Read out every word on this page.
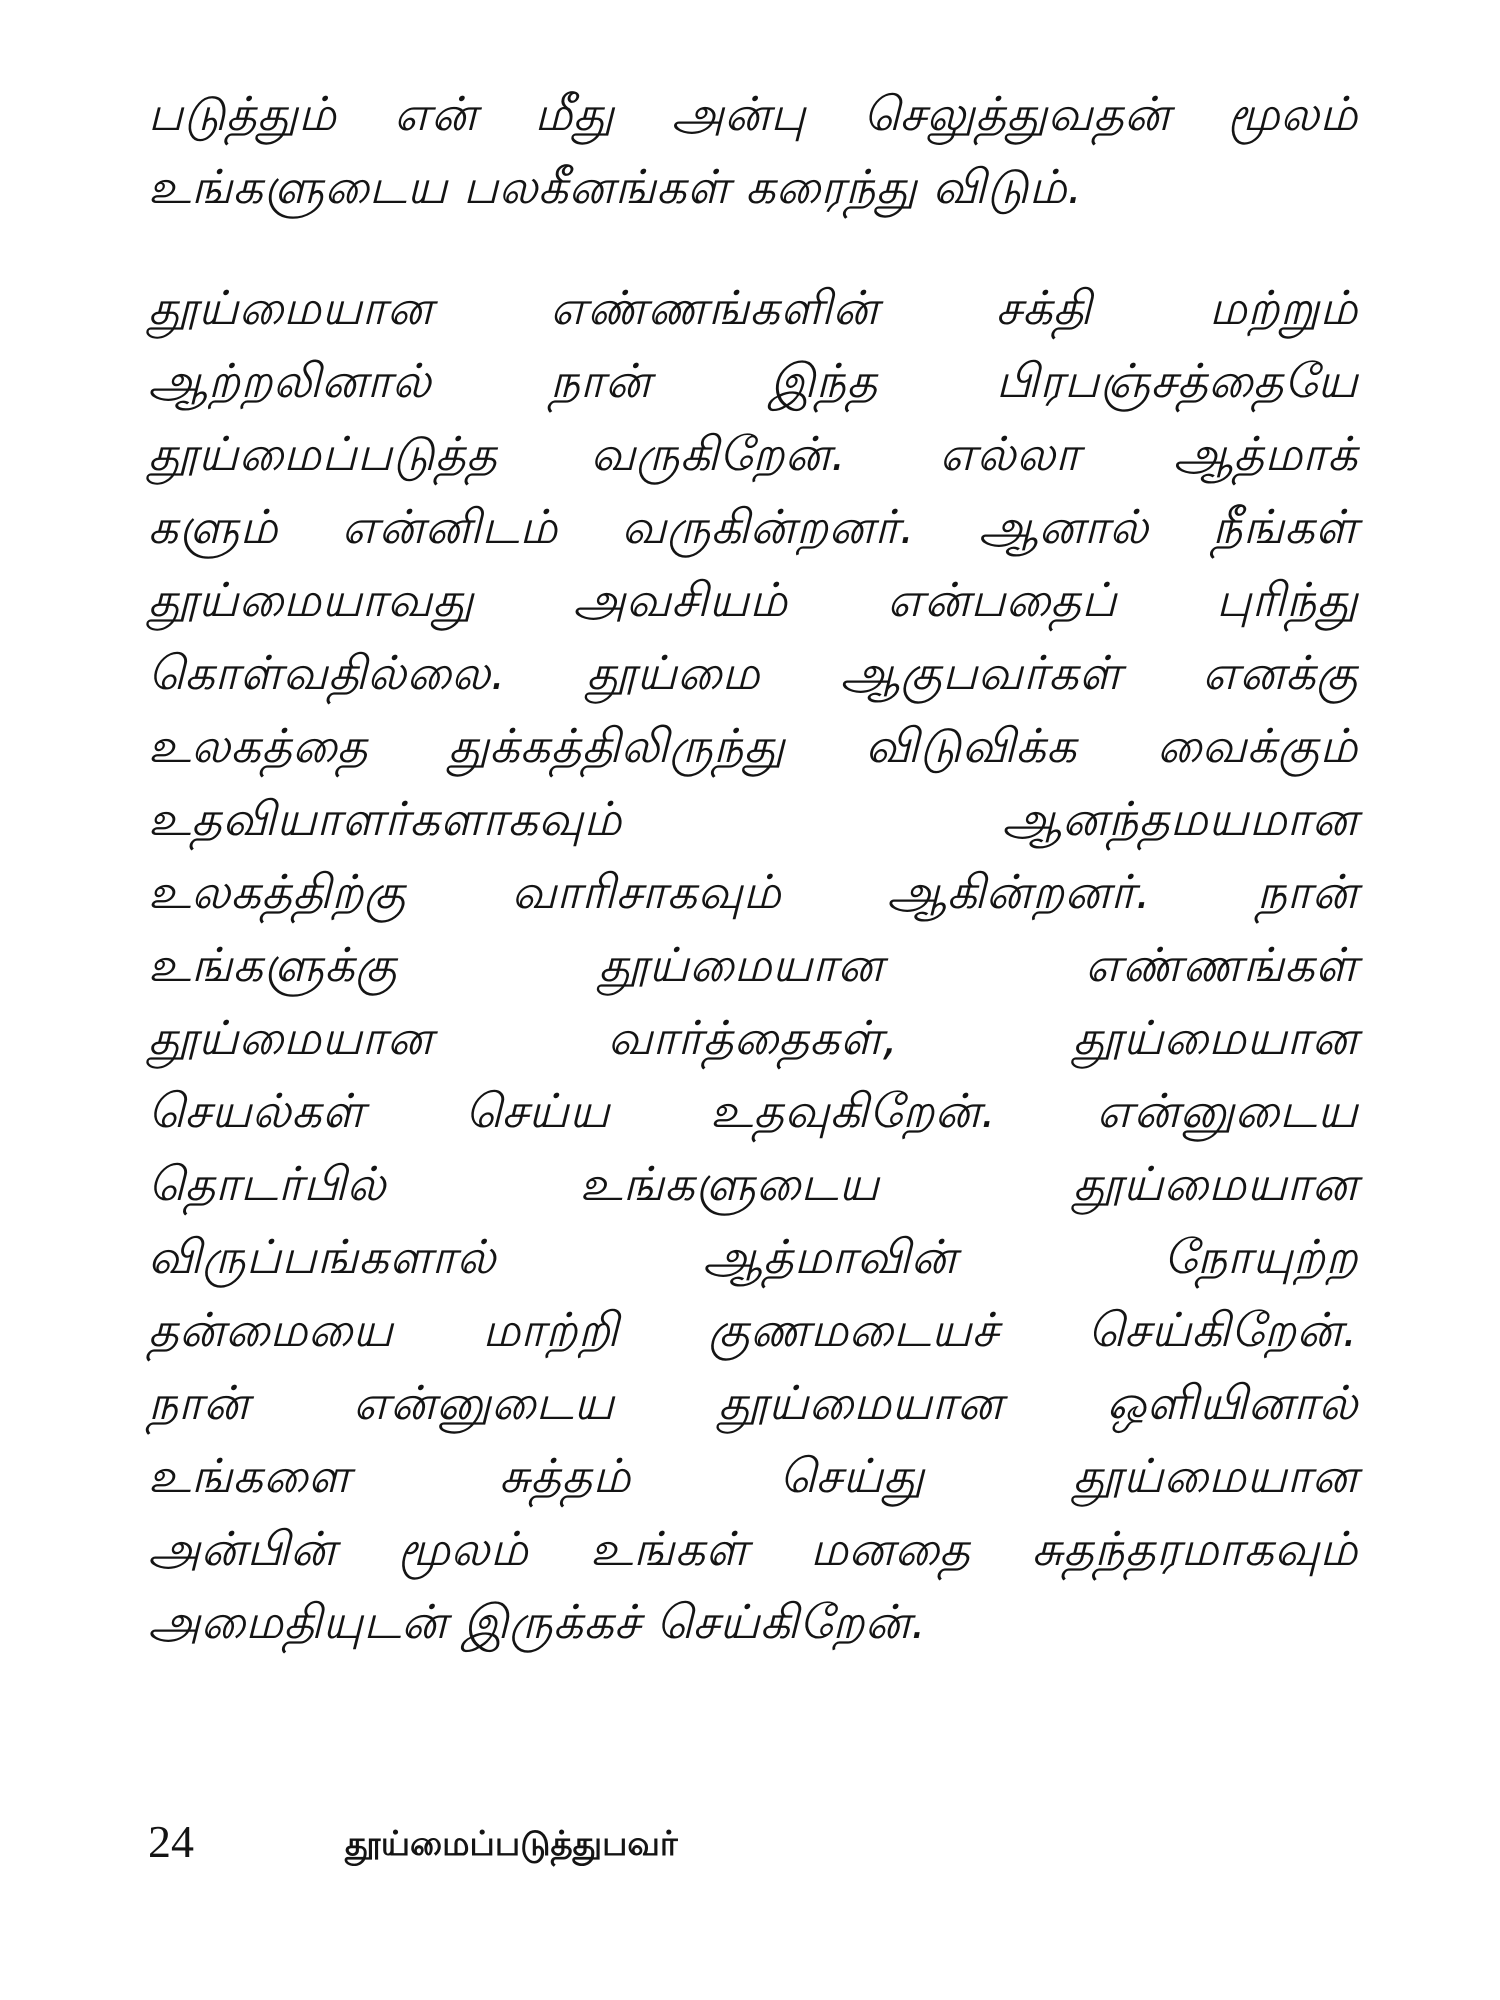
படுத்தும் என் மீது அன்பு செலுத்துவதன் மூலம்
உங்களுடைய பலகீனங்கள் கரைந்து விடும்.
தூய்மையான எண்ணங்களின் சக்தி மற்றும்
ஆற்றலினால் நான் இந்த பிரபஞ்சத்தையே
தூய்மைப்படுத்த வருகிறேன். எல்லா ஆத்மாக்
களும் என்னிடம் வருகின்றனர். ஆனால் நீங்கள்
தூய்மையாவது அவசியம் என்பதைப் புரிந்து
கொள்வதில்லை. தூய்மை ஆகுபவர்கள் எனக்கு
உலகத்தை துக்கத்திலிருந்து விடுவிக்க வைக்கும்
உதவியாளர்களாகவும் ஆனந்தமயமான
உலகத்திற்கு வாரிசாகவும் ஆகின்றனர். நான்
உங்களுக்கு தூய்மையான எண்ணங்கள்
தூய்மையான வார்த்தைகள், தூய்மையான
செயல்கள் செய்ய உதவுகிறேன். என்னுடைய
தொடர்பில் உங்களுடைய தூய்மையான
விருப்பங்களால் ஆத்மாவின் நோயுற்ற
தன்மையை மாற்றி குணமடையச் செய்கிறேன்.
நான் என்னுடைய தூய்மையான ஒளியினால்
உங்களை சுத்தம் செய்து தூய்மையான
அன்பின் மூலம் உங்கள் மனதை சுதந்தரமாகவும்
அமைதியுடன் இருக்கச் செய்கிறேன்.
24	தூய்மைப்படுத்துபவர்
